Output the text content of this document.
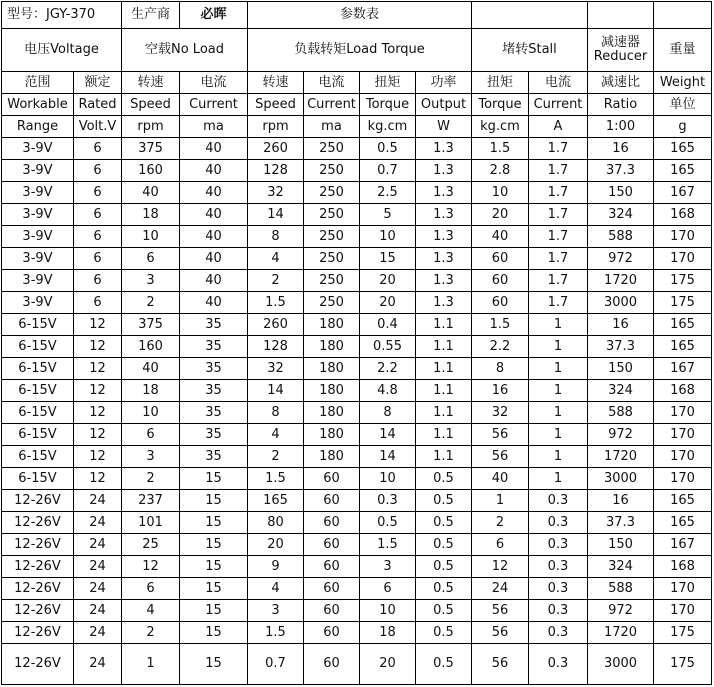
型号：JGY-370		生产商	必晖	参数表							
电压Voltage		空载No Load		负载转矩Load Torque				堵转Stall		减速器 Reducer	重量
范围	额定	转速	电流	转速	电流	扭矩	功率	扭矩	电流	减速比	Weight
Workable	Rated	Speed	Current	Speed	Current	Torque	Output	Torque	Current	Ratio	单位
Range	Volt.V	rpm	ma	rpm	ma	kg.cm	W	kg.cm	A	1:00	g
3-9V	6	375	40	260	250	0.5	1.3	1.5	1.7	16	165
3-9V	6	160	40	128	250	0.7	1.3	2.8	1.7	37.3	165
3-9V	6	40	40	32	250	2.5	1.3	10	1.7	150	167
3-9V	6	18	40	14	250	5	1.3	20	1.7	324	168
3-9V	6	10	40	8	250	10	1.3	40	1.7	588	170
3-9V	6	6	40	4	250	15	1.3	60	1.7	972	170
3-9V	6	3	40	2	250	20	1.3	60	1.7	1720	175
3-9V	6	2	40	1.5	250	20	1.3	60	1.7	3000	175
6-15V	12	375	35	260	180	0.4	1.1	1.5	1	16	165
6-15V	12	160	35	128	180	0.55	1.1	2.2	1	37.3	165
6-15V	12	40	35	32	180	2.2	1.1	8	1	150	167
6-15V	12	18	35	14	180	4.8	1.1	16	1	324	168
6-15V	12	10	35	8	180	8	1.1	32	1	588	170
6-15V	12	6	35	4	180	14	1.1	56	1	972	170
6-15V	12	3	35	2	180	14	1.1	56	1	1720	170
6-15V	12	2	15	1.5	60	10	0.5	40	1	3000	170
12-26V	24	237	15	165	60	0.3	0.5	1	0.3	16	165
12-26V	24	101	15	80	60	0.5	0.5	2	0.3	37.3	165
12-26V	24	25	15	20	60	1.5	0.5	6	0.3	150	167
12-26V	24	12	15	9	60	3	0.5	12	0.3	324	168
12-26V	24	6	15	4	60	6	0.5	24	0.3	588	170
12-26V	24	4	15	3	60	10	0.5	56	0.3	972	170
12-26V	24	2	15	1.5	60	18	0.5	56	0.3	1720	175
12-26V	24	1	15	0.7	60	20	0.5	56	0.3	3000	175
